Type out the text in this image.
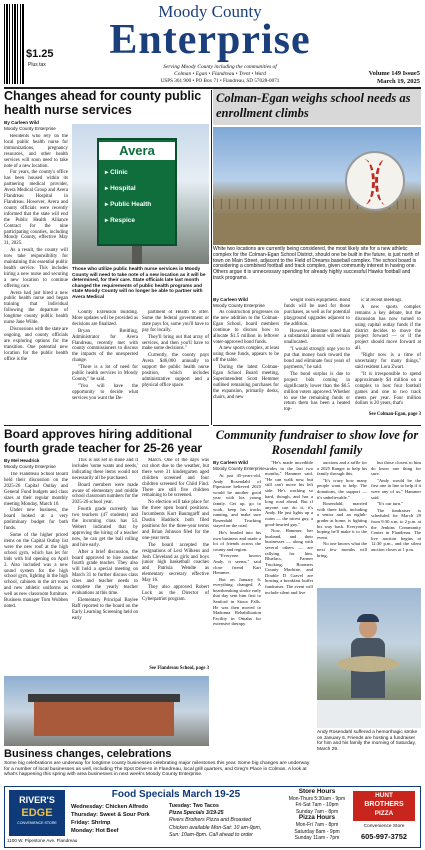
$1.25
Plus tax
Moody County
Enterprise
Serving Moody County including the communities of
Colman • Egan • Flandreau • Trent • Ward
USPS 361 900 • PO Box 71 • Flandreau, SD 57028-0071
Volume 149 Issue5
March 19, 2025
Changes ahead for county public health nurse services
By Carleen Wild
Moody County Enterprise

Residents who rely on the local public health nurse for immunizations, pregnancy resources, and other health services will soon need to take note of a new location.

For years, the county's office has been housed within its partnering medical provider, Avera Medical Group and Avera Flandreau Hospital in Flandreau. However, Avera and county officials were recently informed that the state will end the Public Health Alliance Contract for the nine participating counties, including Moody County, effective May 31, 2025.

As a result, the county will now take responsibility for maintaining this essential public health service. This includes hiring a new nurse and securing a new location to continue offering care.

Avera had just hired a new public health nurse and began training that individual following the departure of longtime county public health nurse Jane Wilde.

Discussions with the state are ongoing, and county officials are exploring options for the transition. One potential new location for the public health office is the

Avera
▸ Clinic
▸ Hospital
▸ Public Health
▸ Respice
Those who utilize public health nurse services in Moody County will need to take note of a new location as it will be determined, for their care. State officials late last month changed the requirements of public health programs and state Moody County will no longer be able to partner with Avera Medical

County Extension building. More updates will be provided as decisions are finalized.

Bryan Breitling, Administrator for Avera Flandreau, recently met with county commissioners to discuss the impacts of the unexpected change.

"There is a lot of need for public health services in Moody County," he said.

"You will have the opportunity to decide what services you want the De-

partment of Health to offer. Some the federal government or state pays for, some you'll have to pay for locally.

They'll bring out that array of services, and then you'll have to make some decisions."

Currently, the county pays Avera $46,000 annually to support the public health nurse position, which includes administrative support and a physical office space.

Colman-Egan weighs school needs as enrollment climbs
White two locations are currently being considered, the most likely site for a new athletic complex for the Colman-Egan School District, should one be built in the future, is just north of town on Main Street, adjacent to the Field of Dreams baseball complex. The school board is considering a combined football and track complex, given community interest in having one. Others argue it is unnecessary spending for already highly successful Hawks football and track programs.
By Carleen Wild
Moody County Enterprise

As construction progresses on the new addition to the Colman-Egan School, board members continue to discuss how to allocate $1.5 million in leftover voter-approved bond funds.

A new sports complex, at least using those funds, appears to be off the table.

During the latest Colman-Egan School Board meeting, Superintendent Scott Hemmer outlined remaining purchases for the expansion, primarily desks, chairs, and new

weight room equipment. Bond funds will be used for those purchases, as well as for potential playground upgrades adjacent to the addition.

However, Hemmer noted that a substantial amount will remain unallocated.

"I would strongly urge you to put that money back toward the bond and eliminate four years of payments," he said.

The bond surplus is due to project bids coming in significantly lower than the $6.5 million voters approved. Whether to use the remaining funds or return them has been a heated top-

ic at recent meetings.

A new sports complex remains a key debate, but the discussion has now turned to using capital outlay funds if the district decides to move the project forward — or if the project should move forward at all.

"Right now is a time of uncertainty for many things," said resident Lora Zwart.

"It is irresponsible to spend approximately $4 million on a complex to host four football games and one to two track meets per year. Four million dollars is 20 years, that's

See Colman-Egan, page 3
Board approves hiring additional fourth grade teacher for 25-26 year
By Mel Headrick
Moody County Enterprise

The Flandreau School Board held their discussion on the 2025-26 Capital Outlay and General Fund budgets and class sizes at their regular monthly meeting Monday, March 10.

Under new business, the board looked at a very preliminary budget for both funds.

Some of the higher priced items on the Capital Outlay list were the new roof at the high school gym, which has let for bids with bid opening on April 3. Also included was a new sound system for the high school gym, lighting in the high school, cabinets in the art room and new athletic uniforms as well as new classroom furniture. Business manager Tom Wubben noted.

This is not set in stone and it includes 'some wants and needs,' indicating these items would not necessarily all be purchased.

Board members were made aware of elementary and middle school classroom numbers for the 2025-26 school year.

Fourth grade currently has two teachers (47 students) and the incoming class has 54. Webert indicated that by approving the hiring of a teacher now, he can get the ball rolling and hire early.

After a brief discussion, the board approved to hire another fourth grade teacher. They also will hold a special meeting on March 31 to further discuss class sizes and teacher needs to complete the yearly teacher evaluations at this time.

Elementary Principal Baylee Raff reported to the board on the Early Learning Screening held on early

March. One of the days was cut short due to the weather, but there were 31 kindergarten aged children screened and four children screened for Child Find. There are still five children remaining to be screened.

No election will take place for the three open board positions. Incumbents Kurt Baumgarff and Dustin Haddock both filed positions for the three-year terms and Brian Johnson filed for the one-year term.

The board accepted the resignations of Lexi Wilkens and Josh Cleveland as girls and boys junior high basketball coaches and Patrisia Wendte as elementary secretary effective May 16.

They also approved Robert Luck as the Director of Cyberpatriot program.

See Flandreau School, page 3
Community fundraiser to show love for Rosendahl family
By Carleen Wild
Moody County Enterprise

At just 45-years-old, Andy Rosendahl of Pipestone believed 2025 would be another good year with his young family. Get up, go to work, keep his trucks running, and make sure Rosendahl Trucking stayed on the road.

He's headed into his own business and made a lot of friends across the county and region.

"Everyone knows Andy, it seems," said close friend Kari Hemmer.

But on January 6, everything changed. A heartbreaking stroke early that day sent him first to Sanford in Sioux Falls. He was then moved to Madonna Rehabilitation Facility in Omaha for extensive therapy.

"He's made incredible strides in the last two months," Hammer said. "He can walk now, but still can't move his left side. He's working so hard, though, and has a long road ahead. But if anyone can do it, it's Andy. He just lights up a room — the nicest guy, a good-hearted guy."

Now, Hammer, her husband, and their businesses — along with several others — are rallying for him. Bluelacs, Farmer Trucking, Boomers County Machine, and Double D Gravel are hosting a breakfast buffet fundraiser. The event will include silent and live

auctions and a raffle for a 2025 Ranger to help his family through this.

"It's crazy how many people want to help. The donations, the support — it's unbelievable."

Rosendahl, married with three kids, including a senior and an eighth-grader at home, is fighting his way back. Everyone's hoping he'll make it to the event.

No one knows what the next few months will bring,

but those closest to him do know one thing for sure.

"Andy would be the first one in line to help if it were any of us," Hammer said.

"It's our turn."

The fundraiser is scheduled for March 29 from 9:30 a.m. to 2 p.m. at the Jenkins Community Center in Flandreau. The live auction begins at 12:30 p.m., and the silent auction closes at 1 p.m.

Andy Rosendahl suffered a hemorrhagic stroke on January 6. Friends are hosting a fundraiser for him and his family the morning of Saturday, March 29.
Business changes, celebrations
Some big celebrations are underway for longtime county businesses celebrating major milestones this year. Some big changes are underway for a number of local businesses as well, including The Spot Drive-In in Flandreau, local grill quarters, and Greg's Place in Colman. A look at what's happening this spring with area businesses in next week's Moody County Enterprise.
RIVER'S
EDGE
CONVENIENCE STORE
1100 W. Pipestone Ave. Flandreau
Food Specials March 19-25
Wednesday: Chicken Alfredo
Thursday: Sweet & Sour Pork
Friday: Shrimp
Monday: Hot Beef
Tuesday: Two Tacos
Pizza Specials 3/19-25
Rivers Brothers Pizza and Broasted
Chicken available Mon-Sat: 10 am-9pm,
Sun: 10am-8pm. Call ahead to order
Store Hours
Mon-Thurs 5:30am - 9pm
Fri-Sat 7am - 10pm
Sunday 7am - 8pm
Pizza Hours
Mon-Fri 7am - 8pm
Saturday 8am - 9pm
Sunday 11am - 7pm
HUNT
BROTHERS
PIZZA
Convenience Store
605-997-3752
